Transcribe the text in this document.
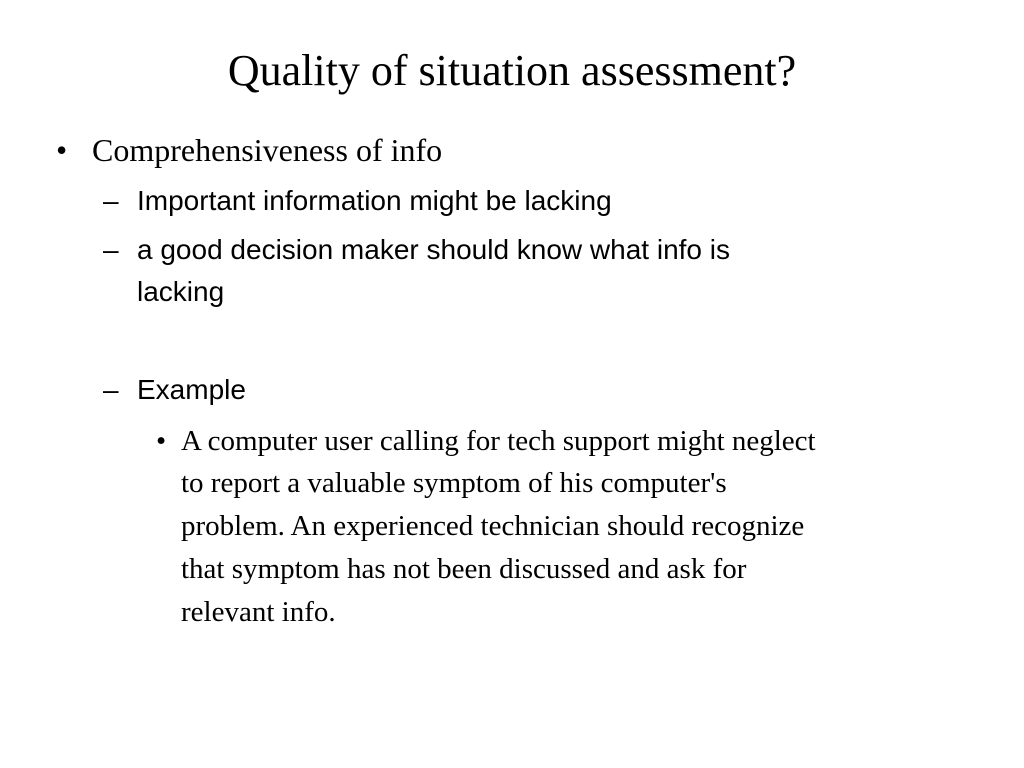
Quality of situation assessment?
• Comprehensiveness of info
– Important information might be lacking
– a good decision maker should know what info is
lacking
– Example
• A computer user calling for tech support might neglect
to report a valuable symptom of his computer's
problem. An experienced technician should recognize
that symptom has not been discussed and ask for
relevant info.
